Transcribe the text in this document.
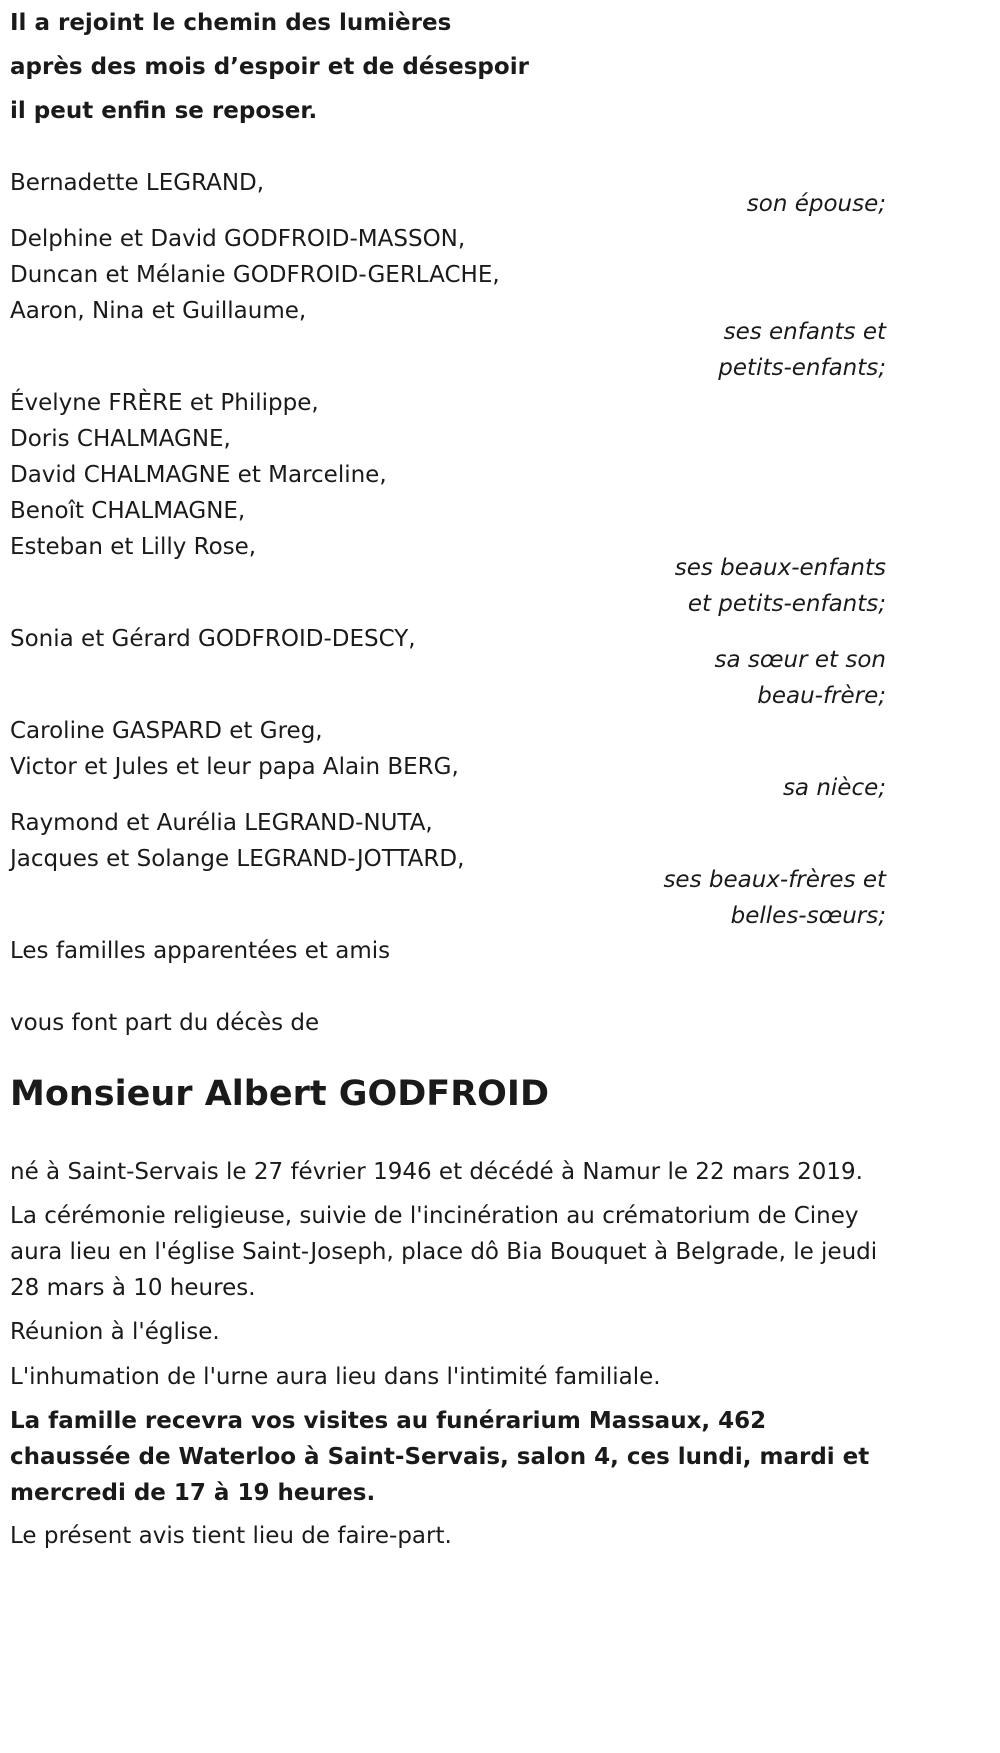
Il a rejoint le chemin des lumières
après des mois d’espoir et de désespoir
il peut enfin se reposer.
Bernadette LEGRAND,
son épouse;
Delphine et David GODFROID-MASSON,
Duncan et Mélanie GODFROID-GERLACHE,
Aaron, Nina et Guillaume,
ses enfants et
petits-enfants;
Évelyne FRÈRE et Philippe,
Doris CHALMAGNE,
David CHALMAGNE et Marceline,
Benoît CHALMAGNE,
Esteban et Lilly Rose,
ses beaux-enfants
et petits-enfants;
Sonia et Gérard GODFROID-DESCY,
sa sœur et son
beau-frère;
Caroline GASPARD et Greg,
Victor et Jules et leur papa Alain BERG,
sa nièce;
Raymond et Aurélia LEGRAND-NUTA,
Jacques et Solange LEGRAND-JOTTARD,
ses beaux-frères et
belles-sœurs;
Les familles apparentées et amis
vous font part du décès de
Monsieur Albert GODFROID
né à Saint-Servais le 27 février 1946 et décédé à Namur le 22 mars 2019.
La cérémonie religieuse, suivie de l'incinération au crématorium de Ciney aura lieu en l'église Saint-Joseph, place dô Bia Bouquet à Belgrade, le jeudi 28 mars à 10 heures.
Réunion à l'église.
L'inhumation de l'urne aura lieu dans l'intimité familiale.
La famille recevra vos visites au funérarium Massaux, 462 chaussée de Waterloo à Saint-Servais, salon 4, ces lundi, mardi et mercredi de 17 à 19 heures.
Le présent avis tient lieu de faire-part.
